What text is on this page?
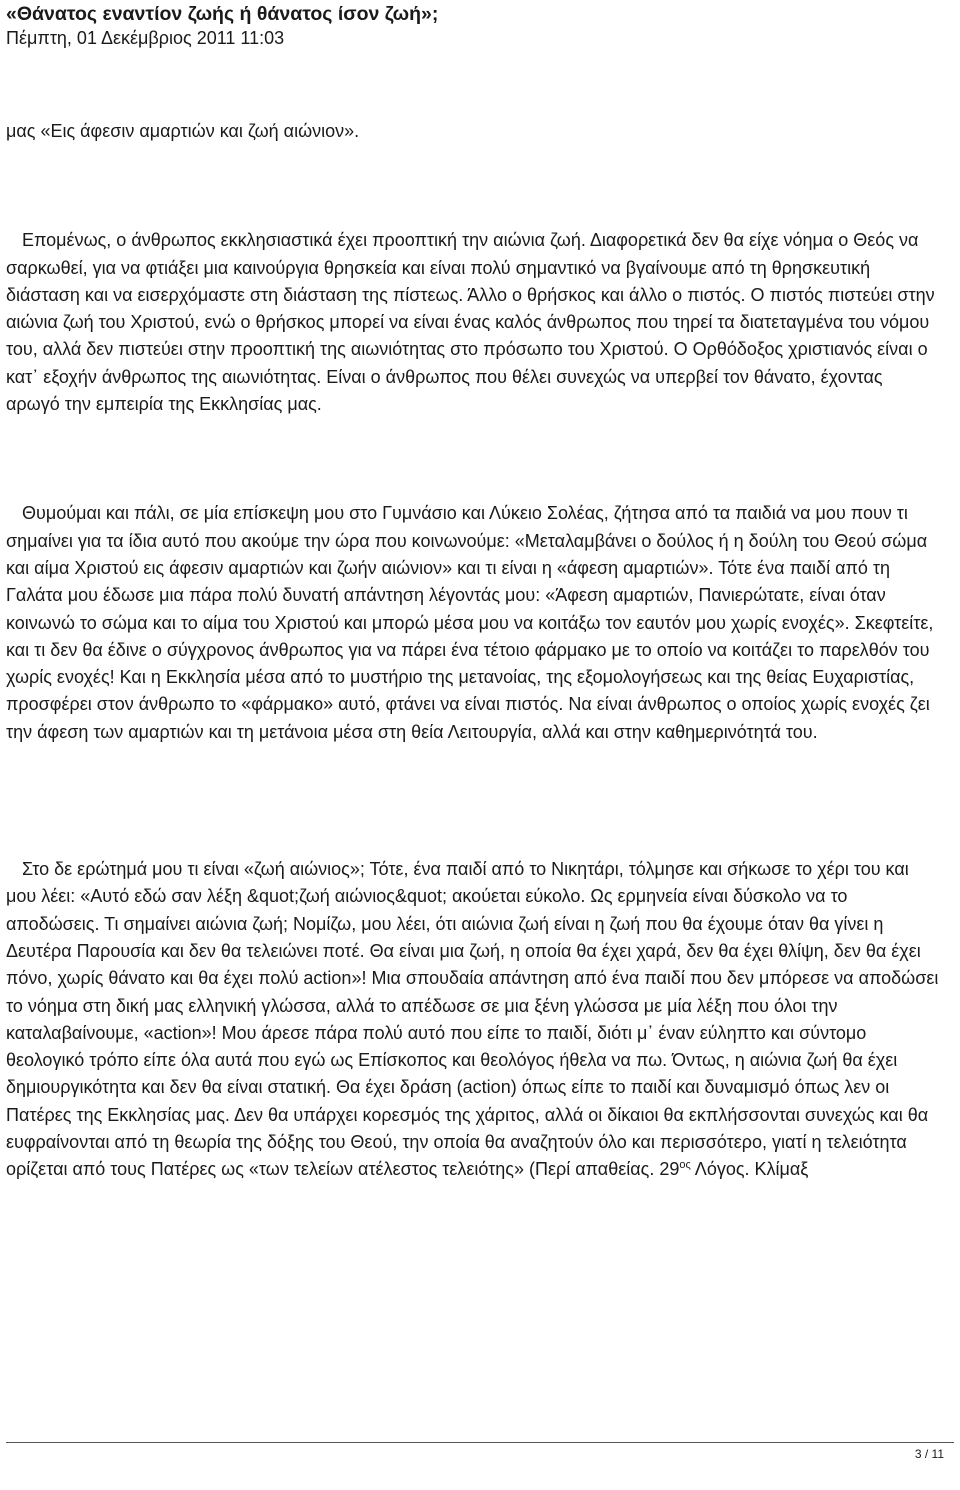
«Θάνατος εναντίον ζωής ή θάνατος ίσον ζωή»;
Πέμπτη, 01 Δεκέμβριος 2011 11:03

μας «Εις άφεσιν αμαρτιών και ζωή αιώνιον».

Επομένως, ο άνθρωπος εκκλησιαστικά έχει προοπτική την αιώνια ζωή. Διαφορετικά δεν θα είχε νόημα ο Θεός να σαρκωθεί, για να φτιάξει μια καινούργια θρησκεία και είναι πολύ σημαντικό να βγαίνουμε από τη θρησκευτική διάσταση και να εισερχόμαστε στη διάσταση της πίστεως. Άλλο ο θρήσκος και άλλο ο πιστός. Ο πιστός πιστεύει στην αιώνια ζωή του Χριστού, ενώ ο θρήσκος μπορεί να είναι ένας καλός άνθρωπος που τηρεί τα διατεταγμένα του νόμου του, αλλά δεν πιστεύει στην προοπτική της αιωνιότητας στο πρόσωπο του Χριστού. Ο Ορθόδοξος χριστιανός είναι ο κατ᾽ εξοχήν άνθρωπος της αιωνιότητας. Είναι ο άνθρωπος που θέλει συνεχώς να υπερβεί τον θάνατο, έχοντας αρωγό την εμπειρία της Εκκλησίας μας.

Θυμούμαι και πάλι, σε μία επίσκεψη μου στο Γυμνάσιο και Λύκειο Σολέας, ζήτησα από τα παιδιά να μου πουν τι σημαίνει για τα ίδια αυτό που ακούμε την ώρα που κοινωνούμε: «Μεταλαμβάνει ο δούλος ή η δούλη του Θεού σώμα και αίμα Χριστού εις άφεσιν αμαρτιών και ζωήν αιώνιον» και τι είναι η «άφεση αμαρτιών». Τότε ένα παιδί από τη Γαλάτα μου έδωσε μια πάρα πολύ δυνατή απάντηση λέγοντάς μου: «Άφεση αμαρτιών, Πανιερώτατε, είναι όταν κοινωνώ το σώμα και το αίμα του Χριστού και μπορώ μέσα μου να κοιτάξω τον εαυτόν μου χωρίς ενοχές». Σκεφτείτε, και τι δεν θα έδινε ο σύγχρονος άνθρωπος για να πάρει ένα τέτοιο φάρμακο με το οποίο να κοιτάζει το παρελθόν του χωρίς ενοχές! Και η Εκκλησία μέσα από το μυστήριο της μετανοίας, της εξομολογήσεως και της θείας Ευχαριστίας, προσφέρει στον άνθρωπο το «φάρμακο» αυτό, φτάνει να είναι πιστός. Να είναι άνθρωπος ο οποίος χωρίς ενοχές ζει την άφεση των αμαρτιών και τη μετάνοια μέσα στη θεία Λειτουργία, αλλά και στην καθημερινότητά του.

Στο δε ερώτημά μου τι είναι «ζωή αιώνιος»; Τότε, ένα παιδί από το Νικητάρι, τόλμησε και σήκωσε το χέρι του και μου λέει: «Αυτό εδώ σαν λέξη &quot;ζωή αιώνιος&quot; ακούεται εύκολο. Ως ερμηνεία είναι δύσκολο να το αποδώσεις. Τι σημαίνει αιώνια ζωή; Νομίζω, μου λέει, ότι αιώνια ζωή είναι η ζωή που θα έχουμε όταν θα γίνει η Δευτέρα Παρουσία και δεν θα τελειώνει ποτέ. Θα είναι μια ζωή, η οποία θα έχει χαρά, δεν θα έχει θλίψη, δεν θα έχει πόνο, χωρίς θάνατο και θα έχει πολύ action»! Μια σπουδαία απάντηση από ένα παιδί που δεν μπόρεσε να αποδώσει το νόημα στη δική μας ελληνική γλώσσα, αλλά το απέδωσε σε μια ξένη γλώσσα με μία λέξη που όλοι την καταλαβαίνουμε, «action»! Μου άρεσε πάρα πολύ αυτό που είπε το παιδί, διότι μ᾽ έναν εύληπτο και σύντομο θεολογικό τρόπο είπε όλα αυτά που εγώ ως Επίσκοπος και θεολόγος ήθελα να πω. Όντως, η αιώνια ζωή θα έχει δημιουργικότητα και δεν θα είναι στατική. Θα έχει δράση (action) όπως είπε το παιδί και δυναμισμό όπως λεν οι Πατέρες της Εκκλησίας μας. Δεν θα υπάρχει κορεσμός της χάριτος, αλλά οι δίκαιοι θα εκπλήσσονται συνεχώς και θα ευφραίνονται από τη θεωρία της δόξης του Θεού, την οποία θα αναζητούν όλο και περισσότερο, γιατί η τελειότητα ορίζεται από τους Πατέρες ως «των τελείων ατέλεστος τελειότης» (Περί απαθείας. $29^{o\varsigma}$ Λόγος. Κλίμαξ

3 / 11
